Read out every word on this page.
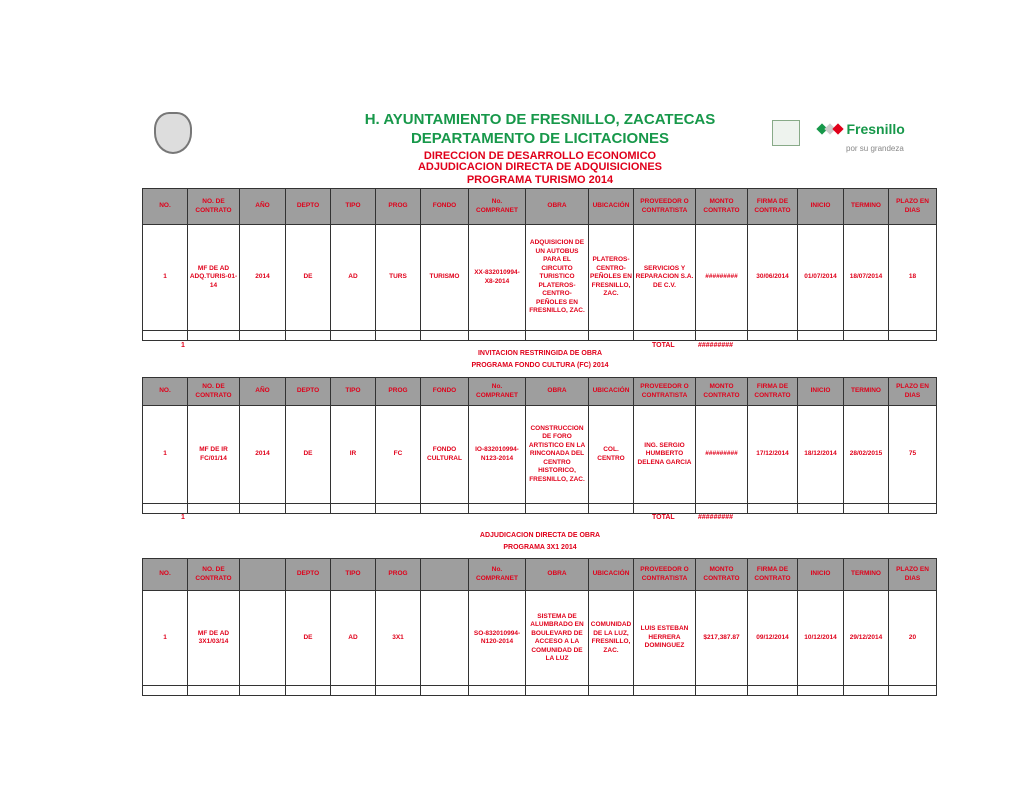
Fresnillo
por su grandeza
H. AYUNTAMIENTO DE FRESNILLO, ZACATECAS
DEPARTAMENTO DE LICITACIONES
DIRECCION DE DESARROLLO ECONOMICO
ADJUDICACION DIRECTA DE ADQUISICIONES
PROGRAMA TURISMO 2014
NO.	NO. DE CONTRATO	AÑO	DEPTO	TIPO	PROG	FONDO	No. COMPRANET	OBRA	UBICACIÓN	PROVEEDOR O CONTRATISTA	MONTO CONTRATO	FIRMA DE CONTRATO	INICIO	TERMINO	PLAZO EN DIAS
1	MF DE AD ADQ.TURIS-01-14	2014	DE	AD	TURS	TURISMO	XX-832010994-X8-2014	ADQUISICION DE UN AUTOBUS PARA EL CIRCUITO TURISTICO PLATEROS-CENTRO-PEÑOLES EN FRESNILLO, ZAC.	PLATEROS-CENTRO-PEÑOLES EN FRESNILLO, ZAC.	SERVICIOS Y REPARACION S.A. DE C.V.	#########	30/06/2014	01/07/2014	18/07/2014	18

1	TOTAL	#########
INVITACION RESTRINGIDA DE OBRA
PROGRAMA FONDO CULTURA (FC) 2014
NO.	NO. DE CONTRATO	AÑO	DEPTO	TIPO	PROG	FONDO	No. COMPRANET	OBRA	UBICACIÓN	PROVEEDOR O CONTRATISTA	MONTO CONTRATO	FIRMA DE CONTRATO	INICIO	TERMINO	PLAZO EN DIAS
1	MF DE IR FC/01/14	2014	DE	IR	FC	FONDO CULTURAL	IO-832010994-N123-2014	CONSTRUCCION DE FORO ARTISTICO EN LA RINCONADA DEL CENTRO HISTORICO, FRESNILLO, ZAC.	COL. CENTRO	ING. SERGIO HUMBERTO DELENA GARCIA	#########	17/12/2014	18/12/2014	28/02/2015	75

1	TOTAL	#########
ADJUDICACION DIRECTA DE OBRA
PROGRAMA 3X1 2014
NO.	NO. DE CONTRATO		DEPTO	TIPO	PROG		No. COMPRANET	OBRA	UBICACIÓN	PROVEEDOR O CONTRATISTA	MONTO CONTRATO	FIRMA DE CONTRATO	INICIO	TERMINO	PLAZO EN DIAS
1	MF DE AD 3X1/03/14		DE	AD	3X1		SO-832010994-N120-2014	SISTEMA DE ALUMBRADO EN BOULEVARD DE ACCESO A LA COMUNIDAD DE LA LUZ	COMUNIDAD DE LA LUZ, FRESNILLO, ZAC.	LUIS ESTEBAN HERRERA DOMINGUEZ	$217,387.87	09/12/2014	10/12/2014	29/12/2014	20
